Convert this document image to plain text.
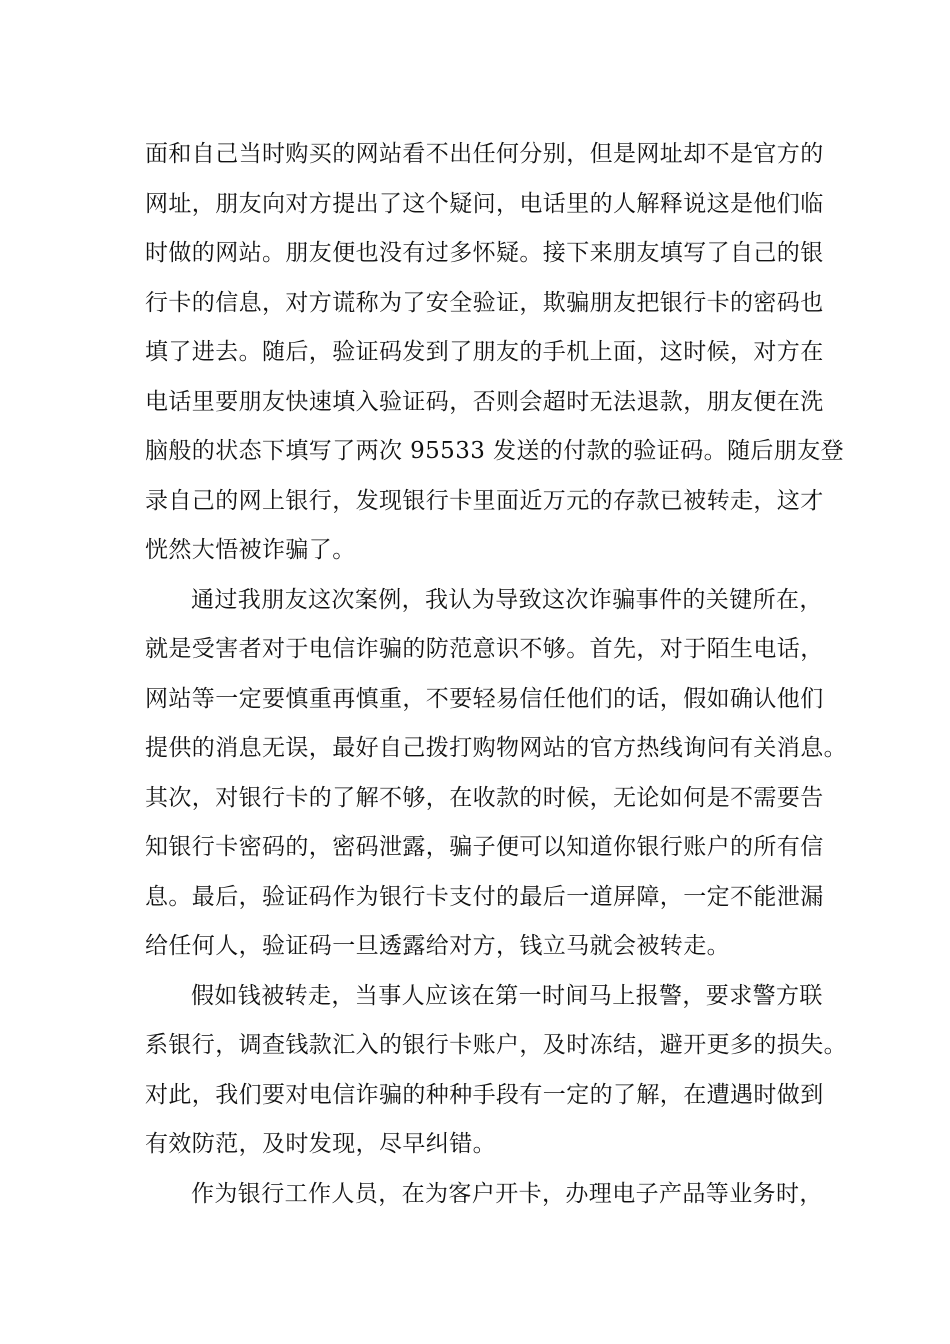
面和自己当时购买的网站看不出任何分别，但是网址却不是官方的
网址，朋友向对方提出了这个疑问，电话里的人解释说这是他们临
时做的网站。朋友便也没有过多怀疑。接下来朋友填写了自己的银
行卡的信息，对方谎称为了安全验证，欺骗朋友把银行卡的密码也
填了进去。随后，验证码发到了朋友的手机上面，这时候，对方在
电话里要朋友快速填入验证码，否则会超时无法退款，朋友便在洗
脑般的状态下填写了两次 95533 发送的付款的验证码。随后朋友登
录自己的网上银行，发现银行卡里面近万元的存款已被转走，这才
恍然大悟被诈骗了。
通过我朋友这次案例，我认为导致这次诈骗事件的关键所在，
就是受害者对于电信诈骗的防范意识不够。首先，对于陌生电话，
网站等一定要慎重再慎重，不要轻易信任他们的话，假如确认他们
提供的消息无误，最好自己拨打购物网站的官方热线询问有关消息。
其次，对银行卡的了解不够，在收款的时候，无论如何是不需要告
知银行卡密码的，密码泄露，骗子便可以知道你银行账户的所有信
息。最后，验证码作为银行卡支付的最后一道屏障，一定不能泄漏
给任何人，验证码一旦透露给对方，钱立马就会被转走。
假如钱被转走，当事人应该在第一时间马上报警，要求警方联
系银行，调查钱款汇入的银行卡账户，及时冻结，避开更多的损失。
对此，我们要对电信诈骗的种种手段有一定的了解，在遭遇时做到
有效防范，及时发现，尽早纠错。
作为银行工作人员，在为客户开卡，办理电子产品等业务时，
